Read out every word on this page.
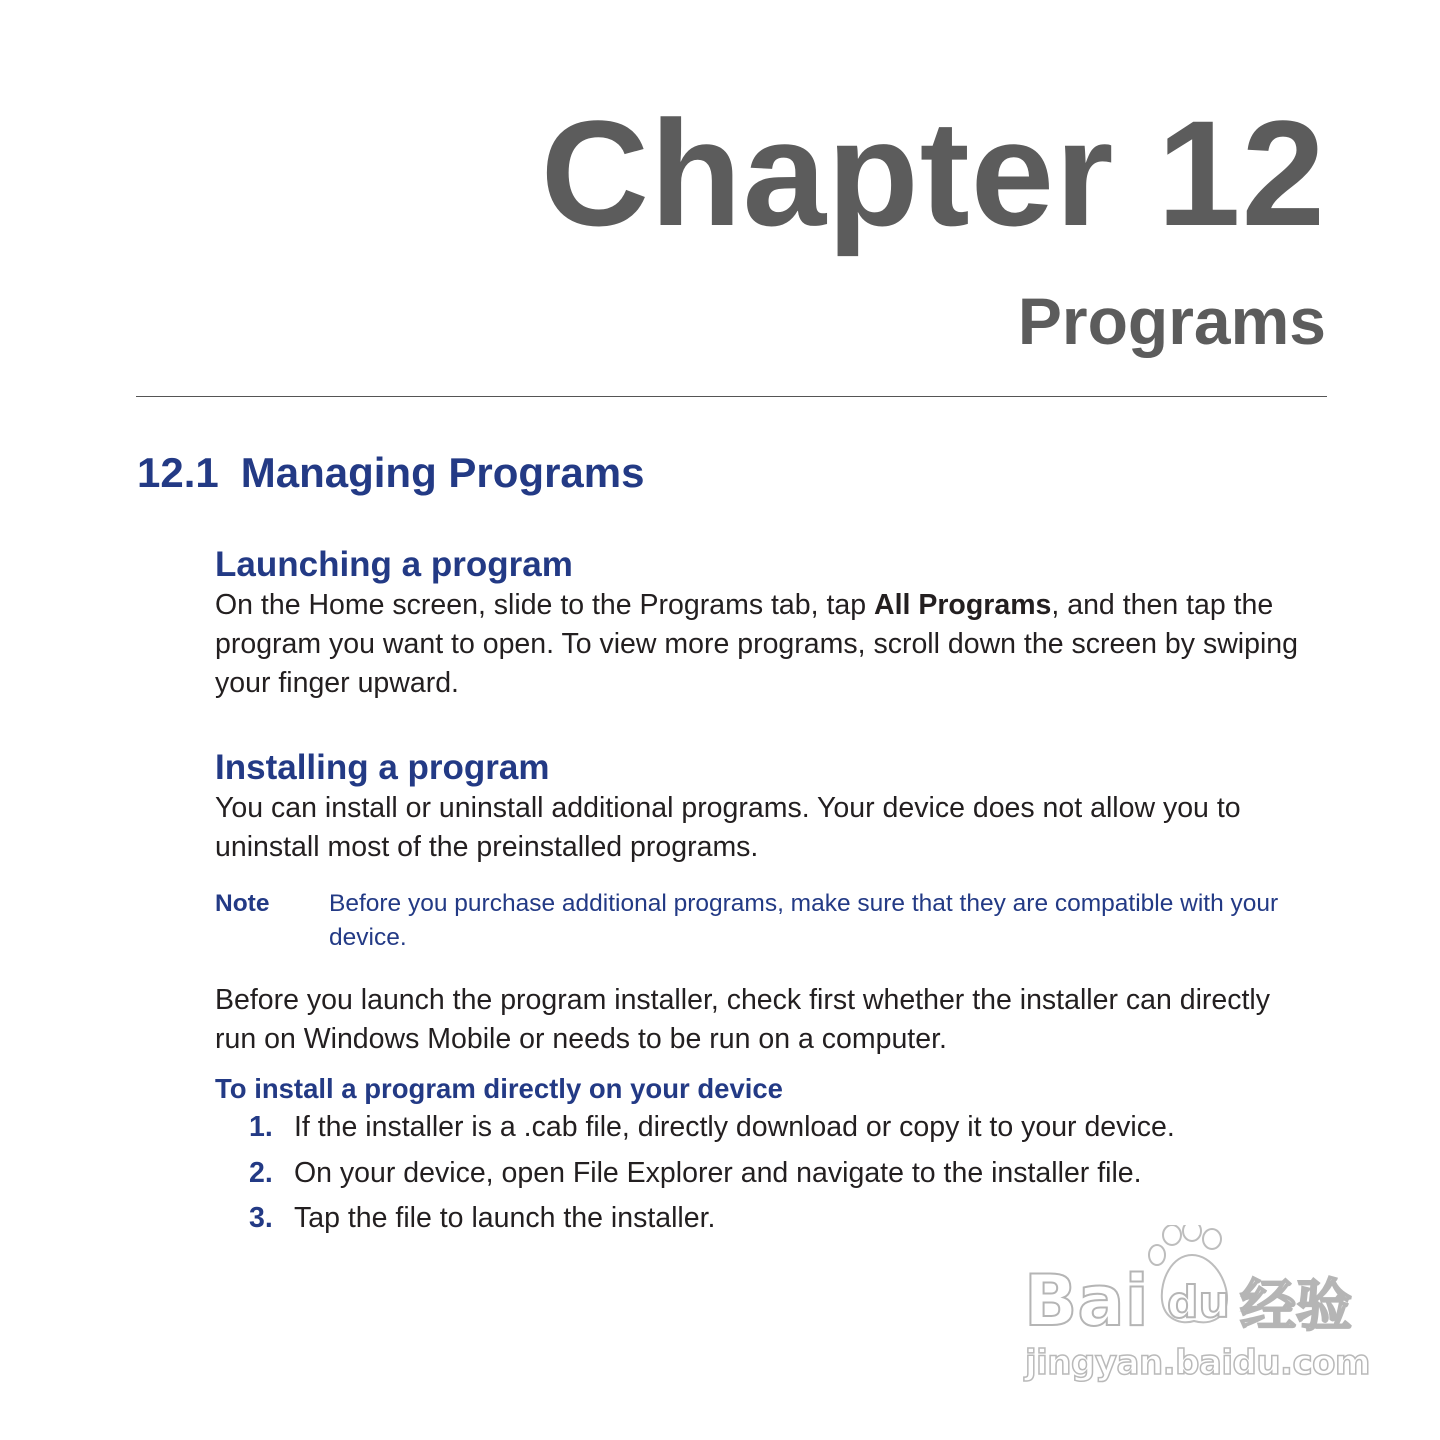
Chapter 12
Programs
12.1 Managing Programs
Launching a program

On the Home screen, slide to the Programs tab, tap All Programs, and then tap the program you want to open. To view more programs, scroll down the screen by swiping your finger upward.

Installing a program

You can install or uninstall additional programs. Your device does not allow you to uninstall most of the preinstalled programs.

Note	Before you purchase additional programs, make sure that they are compatible with your device.

Before you launch the program installer, check first whether the installer can directly run on Windows Mobile or needs to be run on a computer.

To install a program directly on your device
1. If the installer is a .cab file, directly download or copy it to your device.
2. On your device, open File Explorer and navigate to the installer file.
3. Tap the file to launch the installer.
Bai du 经验
jingyan.baidu.com
